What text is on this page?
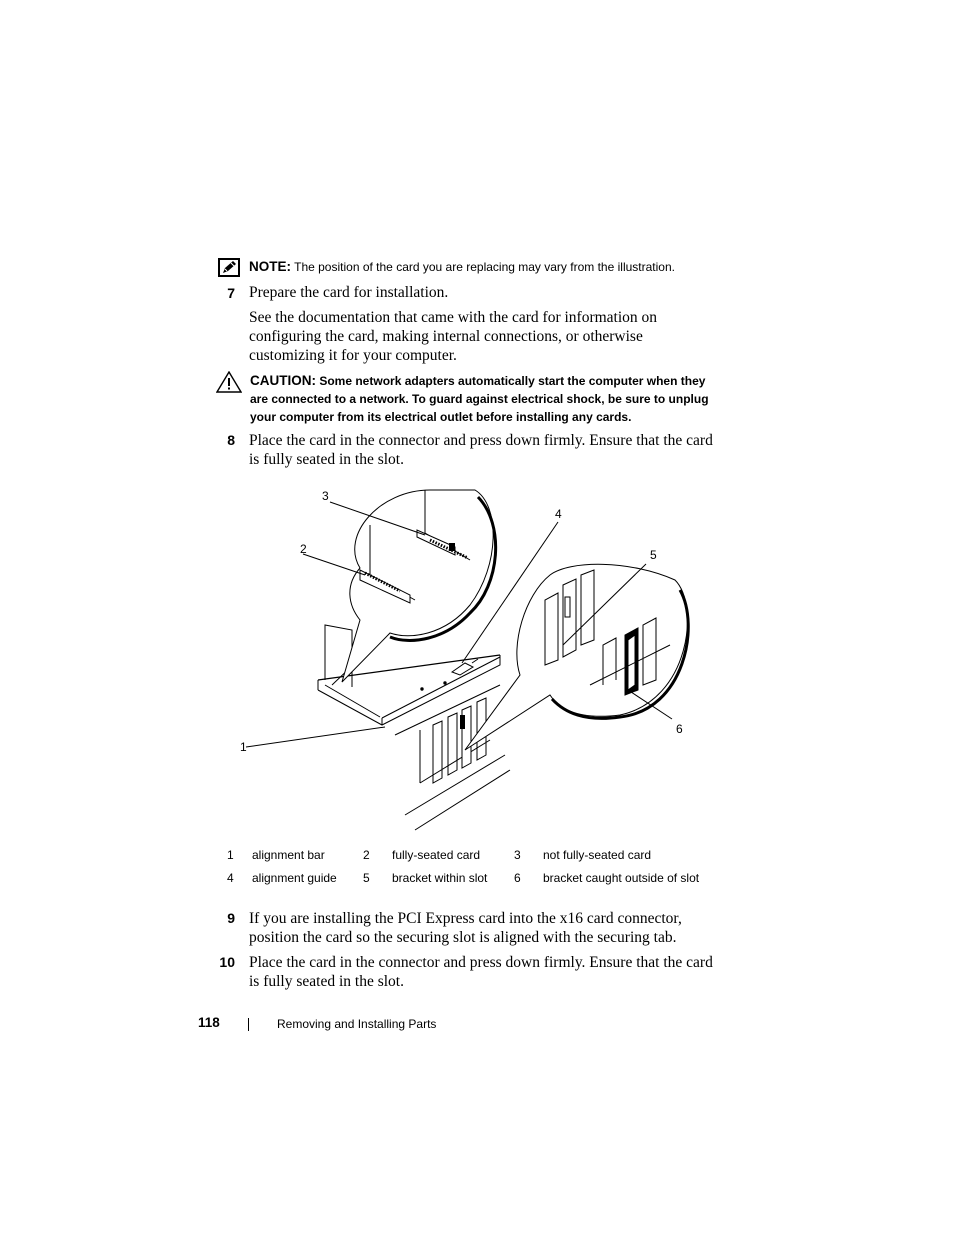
NOTE: The position of the card you are replacing may vary from the illustration.
7 Prepare the card for installation.
See the documentation that came with the card for information on configuring the card, making internal connections, or otherwise customizing it for your computer.
CAUTION: Some network adapters automatically start the computer when they are connected to a network. To guard against electrical shock, be sure to unplug your computer from its electrical outlet before installing any cards.
8 Place the card in the connector and press down firmly. Ensure that the card is fully seated in the slot.
1
2
3
4
5
6
1 alignment bar	2 fully-seated card	3 not fully-seated card
4 alignment guide 5 bracket within slot 6 bracket caught outside of slot
9 If you are installing the PCI Express card into the x16 card connector, position the card so the securing slot is aligned with the securing tab.
10 Place the card in the connector and press down firmly. Ensure that the card is fully seated in the slot.
118	Removing and Installing Parts
